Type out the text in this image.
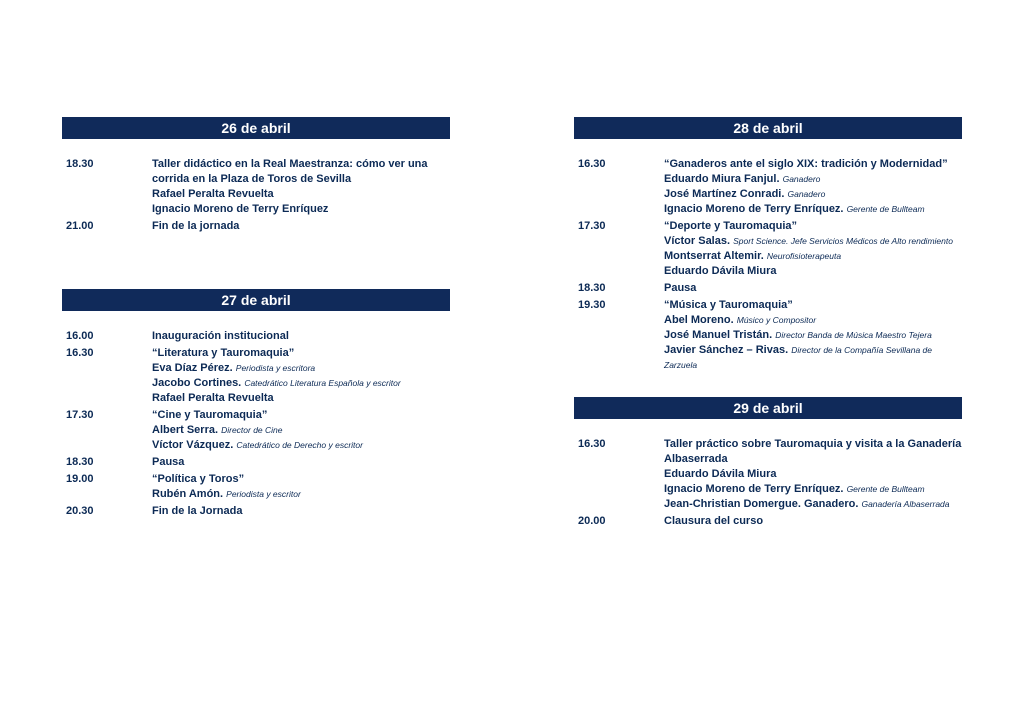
26 de abril
18.30	Taller didáctico en la Real Maestranza: cómo ver una corrida en la Plaza de Toros de Sevilla
Rafael Peralta Revuelta
Ignacio Moreno de Terry Enríquez
21.00	Fin de la jornada
27 de abril
16.00	Inauguración institucional
16.30	“Literatura y Tauromaquia”
Eva Díaz Pérez. Periodista y escritora
Jacobo Cortines. Catedrático Literatura Española y escritor
Rafael Peralta Revuelta
17.30	“Cine y Tauromaquia”
Albert Serra. Director de Cine
Víctor Vázquez. Catedrático de Derecho y escritor
18.30	Pausa
19.00	“Política y Toros”
Rubén Amón. Periodista y escritor
20.30	Fin de la Jornada
28 de abril
16.30	“Ganaderos ante el siglo XIX: tradición y Modernidad”
Eduardo Miura Fanjul. Ganadero
José Martínez Conradi. Ganadero
Ignacio Moreno de Terry Enríquez. Gerente de Bullteam
17.30	“Deporte y Tauromaquia”
Víctor Salas. Sport Science. Jefe Servicios Médicos de Alto rendimiento
Montserrat Altemir. Neurofisioterapeuta
Eduardo Dávila Miura
18.30	Pausa
19.30	“Música y Tauromaquia”
Abel Moreno. Músico y Compositor
José Manuel Tristán. Director Banda de Música Maestro Tejera
Javier Sánchez – Rivas. Director de la Compañía Sevillana de Zarzuela
29 de abril
16.30	Taller práctico sobre Tauromaquia y visita a la Ganadería Albaserrada
Eduardo Dávila Miura
Ignacio Moreno de Terry Enríquez. Gerente de Bullteam
Jean-Christian Domergue. Ganadero. Ganadería Albaserrada
20.00	Clausura del curso
